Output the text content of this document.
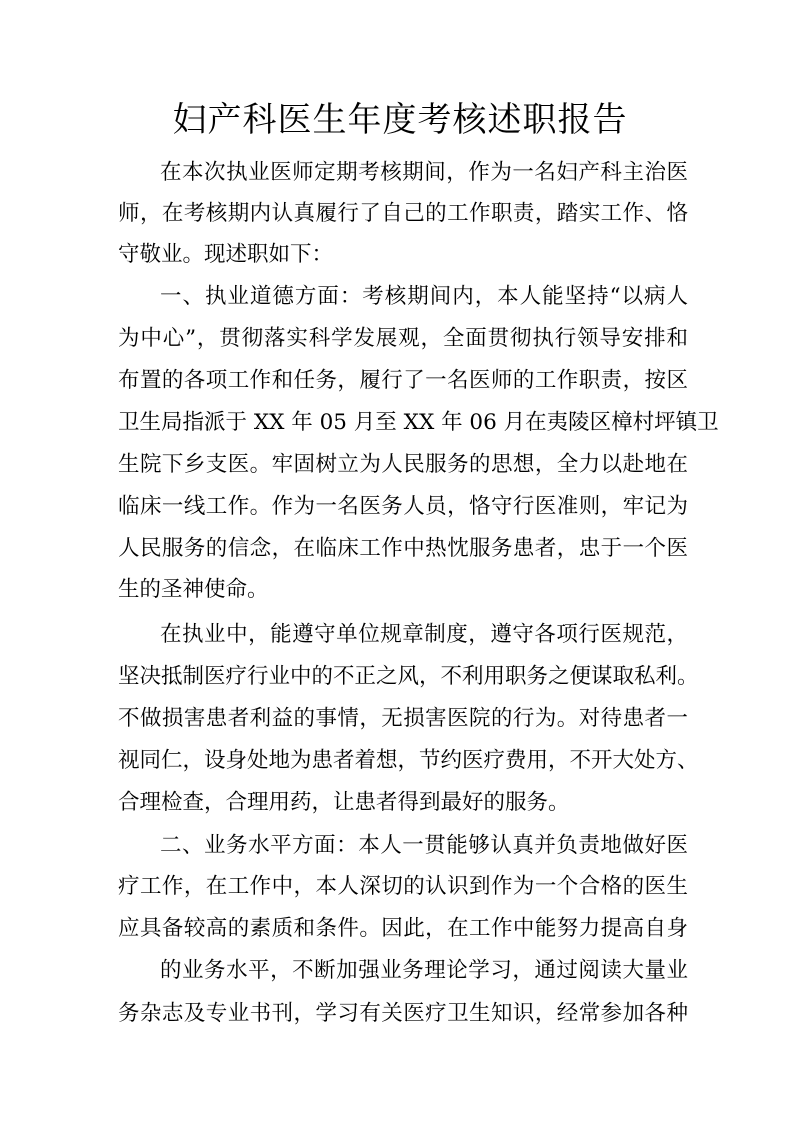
妇产科医生年度考核述职报告

在本次执业医师定期考核期间，作为一名妇产科主治医

师，在考核期内认真履行了自己的工作职责，踏实工作、恪

守敬业。现述职如下：

一、执业道德方面：考核期间内，本人能坚持“以病人

为中心”，贯彻落实科学发展观，全面贯彻执行领导安排和

布置的各项工作和任务，履行了一名医师的工作职责，按区

卫生局指派于 XX 年 05 月至 XX 年 06 月在夷陵区樟村坪镇卫

生院下乡支医。牢固树立为人民服务的思想，全力以赴地在

临床一线工作。作为一名医务人员，恪守行医准则，牢记为

人民服务的信念，在临床工作中热忱服务患者，忠于一个医

生的圣神使命。

在执业中，能遵守单位规章制度，遵守各项行医规范，

坚决抵制医疗行业中的不正之风，不利用职务之便谋取私利。

不做损害患者利益的事情，无损害医院的行为。对待患者一

视同仁，设身处地为患者着想，节约医疗费用，不开大处方、

合理检查，合理用药，让患者得到最好的服务。

二、业务水平方面：本人一贯能够认真并负责地做好医

疗工作，在工作中，本人深切的认识到作为一个合格的医生

应具备较高的素质和条件。因此，在工作中能努力提高自身

的业务水平，不断加强业务理论学习，通过阅读大量业

务杂志及专业书刊，学习有关医疗卫生知识，经常参加各种
